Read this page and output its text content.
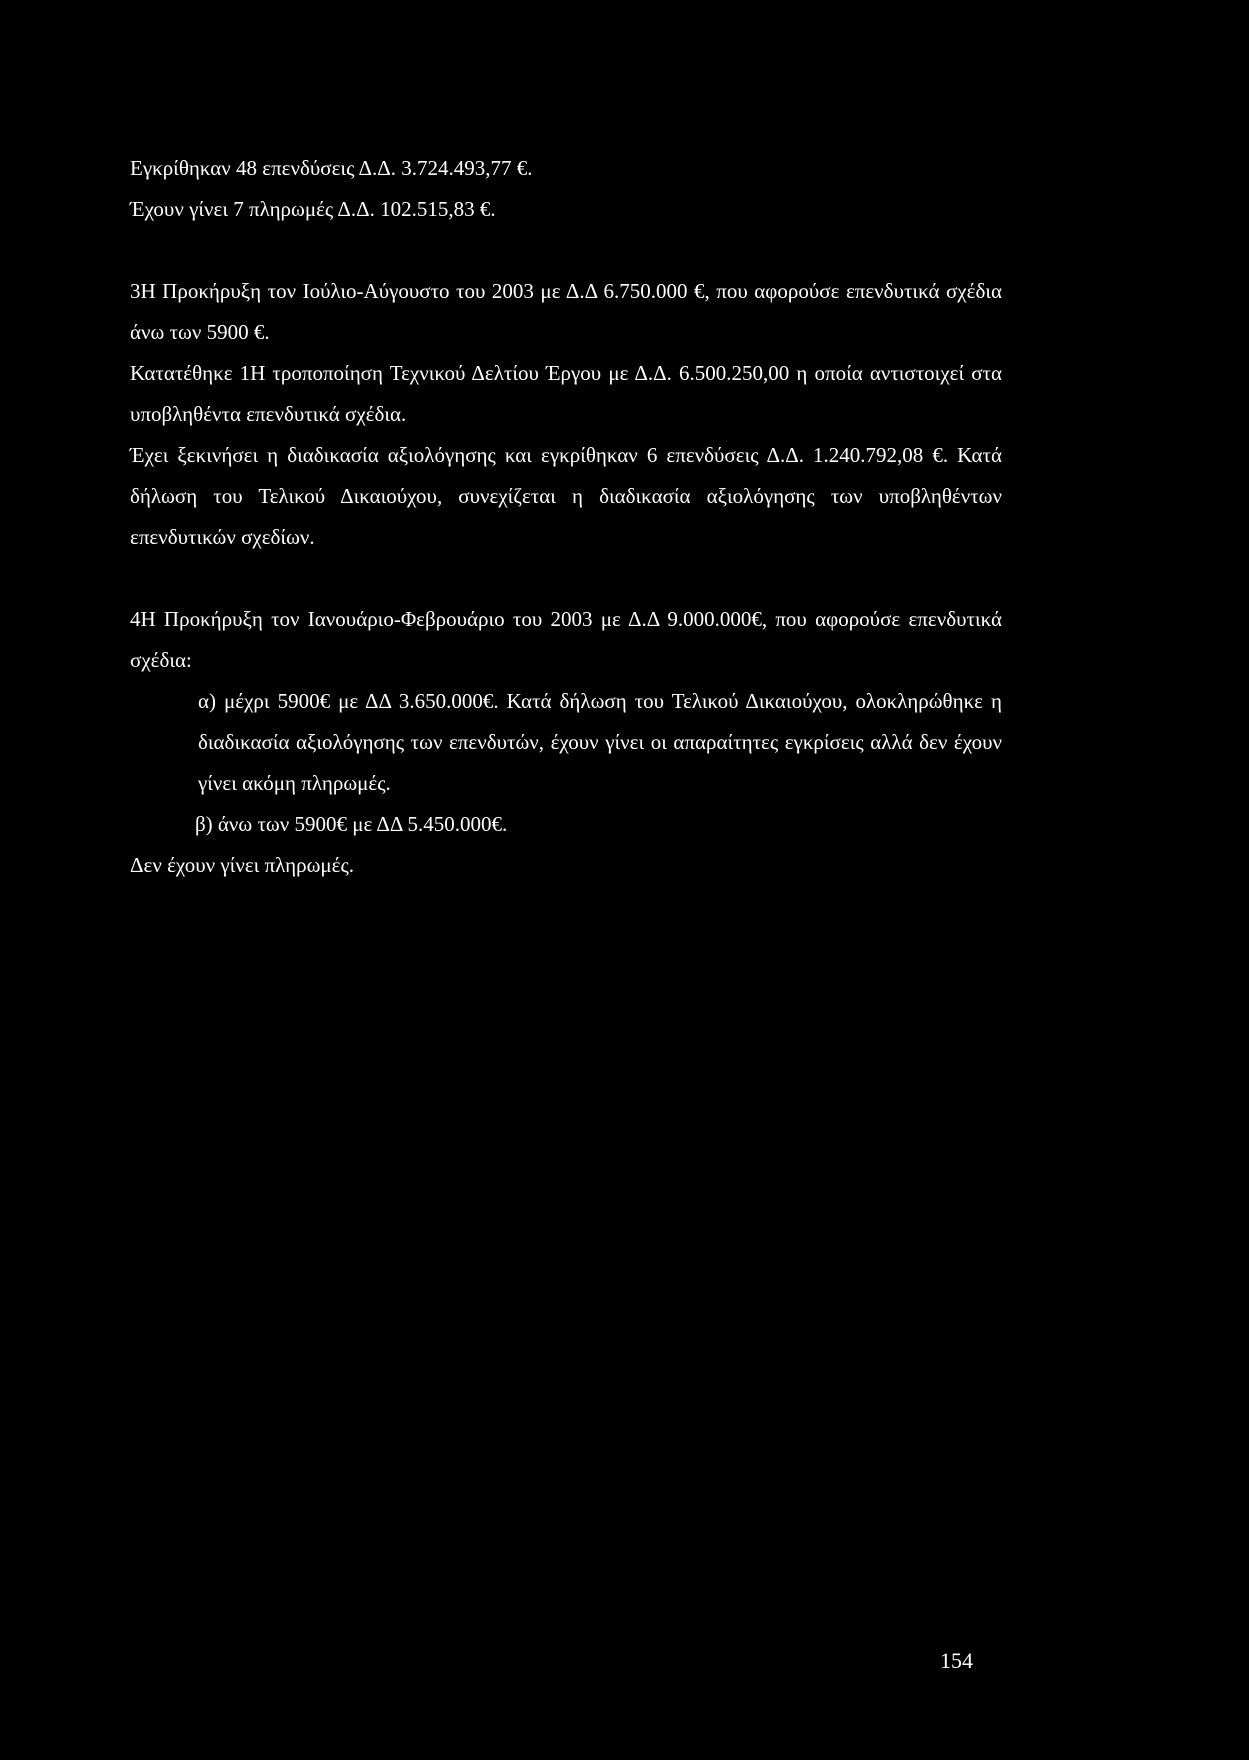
Εγκρίθηκαν 48 επενδύσεις Δ.Δ. 3.724.493,77 €.

Έχουν γίνει 7 πληρωμές Δ.Δ. 102.515,83 €.

3Η Προκήρυξη τον Ιούλιο-Αύγουστο του 2003 με Δ.Δ 6.750.000 €, που αφορούσε επενδυτικά σχέδια άνω των 5900 €.

Κατατέθηκε 1Η τροποποίηση Τεχνικού Δελτίου Έργου με Δ.Δ. 6.500.250,00 η οποία αντιστοιχεί στα υποβληθέντα επενδυτικά σχέδια.

Έχει ξεκινήσει η διαδικασία αξιολόγησης και εγκρίθηκαν 6 επενδύσεις Δ.Δ. 1.240.792,08 €. Κατά δήλωση του Τελικού Δικαιούχου, συνεχίζεται η διαδικασία αξιολόγησης των υποβληθέντων επενδυτικών σχεδίων.

4Η Προκήρυξη τον Ιανουάριο-Φεβρουάριο του 2003 με Δ.Δ 9.000.000€, που αφορούσε επενδυτικά σχέδια:

α) μέχρι 5900€ με ΔΔ 3.650.000€. Κατά δήλωση του Τελικού Δικαιούχου, ολοκληρώθηκε η διαδικασία αξιολόγησης των επενδυτών, έχουν γίνει οι απαραίτητες εγκρίσεις αλλά δεν έχουν γίνει ακόμη πληρωμές.

β) άνω των 5900€ με ΔΔ 5.450.000€.

Δεν έχουν γίνει πληρωμές.

154
